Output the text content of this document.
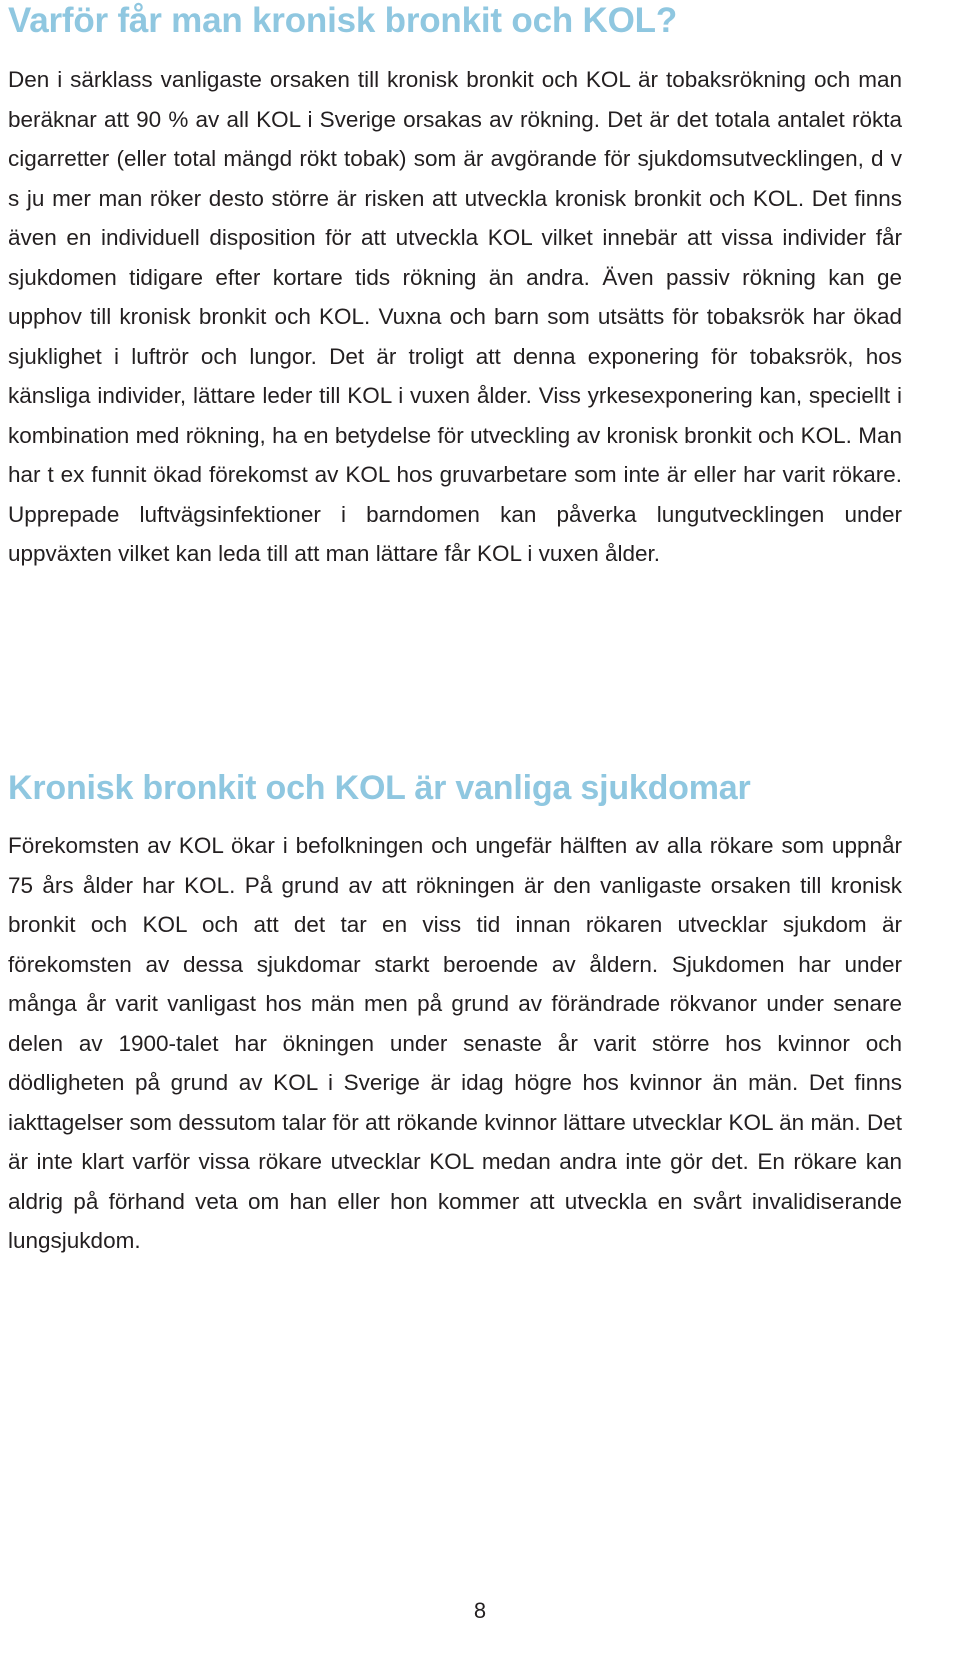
Varför får man kronisk bronkit och KOL?

Den i särklass vanligaste orsaken till kronisk bronkit och KOL är tobaksrökning och man beräknar att 90 % av all KOL i Sverige orsakas av rökning. Det är det totala antalet rökta cigarretter (eller total mängd rökt tobak) som är avgörande för sjukdomsutvecklingen, d v s ju mer man röker desto större är risken att utveckla kronisk bronkit och KOL. Det finns även en individuell disposition för att utveckla KOL vilket innebär att vissa individer får sjukdomen tidigare efter kortare tids rökning än andra. Även passiv rökning kan ge upphov till kronisk bronkit och KOL. Vuxna och barn som utsätts för tobaksrök har ökad sjuklighet i luftrör och lungor. Det är troligt att denna exponering för tobaksrök, hos känsliga individer, lättare leder till KOL i vuxen ålder. Viss yrkesexponering kan, speciellt i kombination med rökning, ha en betydelse för utveckling av kronisk bronkit och KOL. Man har t ex funnit ökad förekomst av KOL hos gruvarbetare som inte är eller har varit rökare. Upprepade luftvägsinfektioner i barndomen kan påverka lungutvecklingen under uppväxten vilket kan leda till att man lättare får KOL i vuxen ålder.

Kronisk bronkit och KOL är vanliga sjukdomar

Förekomsten av KOL ökar i befolkningen och ungefär hälften av alla rökare som uppnår 75 års ålder har KOL. På grund av att rökningen är den vanligaste orsaken till kronisk bronkit och KOL och att det tar en viss tid innan rökaren utvecklar sjukdom är förekomsten av dessa sjukdomar starkt beroende av åldern. Sjukdomen har under många år varit vanligast hos män men på grund av förändrade rökvanor under senare delen av 1900-talet har ökningen under senaste år varit större hos kvinnor och dödligheten på grund av KOL i Sverige är idag högre hos kvinnor än män. Det finns iakttagelser som dessutom talar för att rökande kvinnor lättare utvecklar KOL än män. Det är inte klart varför vissa rökare utvecklar KOL medan andra inte gör det. En rökare kan aldrig på förhand veta om han eller hon kommer att utveckla en svårt invalidiserande lungsjukdom.

8
